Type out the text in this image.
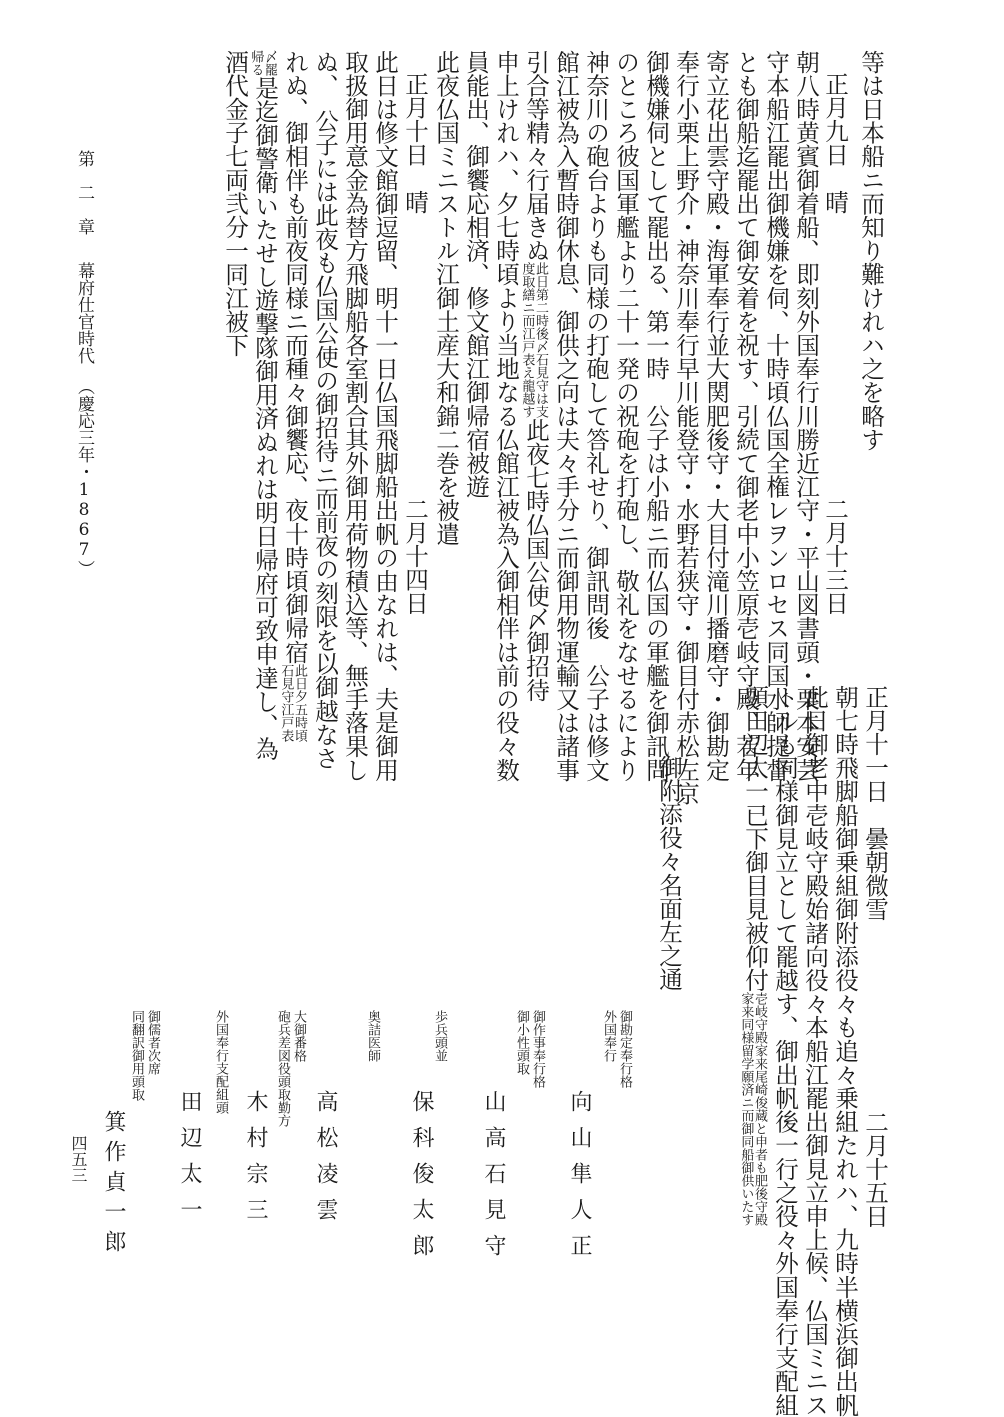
等は日本船ニ而知り難けれハ之を略す
正月九日　晴
二月十三日
朝八時黄賓御着船、即刻外国奉行川勝近江守・平山図書頭・栗本安芸
守本船江罷出御機嫌を伺、十時頃仏国全権レヲンロセス同国水師提督
とも御船迄罷出て御安着を祝す、引続て御老中小笠原壱岐守殿、若年
寄立花出雲守殿・海軍奉行並大関肥後守・大目付滝川播磨守・御勘定
奉行小栗上野介・神奈川奉行早川能登守・水野若狭守・御目付赤松左京
御機嫌伺として罷出る、第一時　公子は小船ニ而仏国の軍艦を御訊問
のところ彼国軍艦より二十一発の祝砲を打砲し、敬礼をなせるにより
神奈川の砲台よりも同様の打砲して答礼せり、御訊問後　公子は修文
館江被為入暫時御休息、御供之向は夫々手分ニ而御用物運輸又は諸事
引合等精々行届きぬ
此日第二時後〆石見守は支
度取繕ニ而江戸表え龍越す
此夜七時仏国公使〆御招待
申上けれハ、夕七時頃より当地なる仏館江被為入御相伴は前の役々数
員能出、御饗応相済、修文館江御帰宿被遊
此夜仏国ミニストル江御土産大和錦二巻を被遣
正月十日　晴
二月十四日
此日は修文館御逗留、明十一日仏国飛脚船出帆の由なれは、夫是御用
取扱御用意金為替方飛脚船各室割合其外御用荷物積込等、無手落果し
ぬ、　公子には此夜も仏国公使の御招待ニ而前夜の刻限を以御越なさ
れぬ、御相伴も前夜同様ニ而種々御饗応、夜十時頃御帰宿
此日夕五時頃
石見守江戸表
〆罷
帰る
是迄御警衛いたせし遊撃隊御用済ぬれは明日帰府可致申達し、為
酒代金子七両弐分一同江被下
第　二　章
幕府仕官時代
（慶応三年・1867）
正月十一日　曇朝微雪
二月十五日
朝七時飛脚船御乗組御附添役々も追々乗組たれハ、九時半横浜御出帆
此日御老中壱岐守殿始諸向役々本船江罷出御見立申上候、仏国ミニス
トルも同様御見立として罷越す、御出帆後一行之役々外国奉行支配組
頭田辺太一已下御目見被仰付
壱岐守殿家来尾崎俊蔵と申者も肥後守殿
家来同様留学願済ニ而御同船御供いたす
御附添役々名面左之通
御勘定奉行格
外国奉行
向山隼人正
御作事奉行格
御小性頭取
山高石見守
歩兵頭並
保科俊太郎
奥詰医師
高松凌雲
大御番格
砲兵差図役頭取勤方
木村宗三
外国奉行支配組頭
田辺太一
御儒者次席
同翻訳御用頭取
箕作貞一郎
四五三
